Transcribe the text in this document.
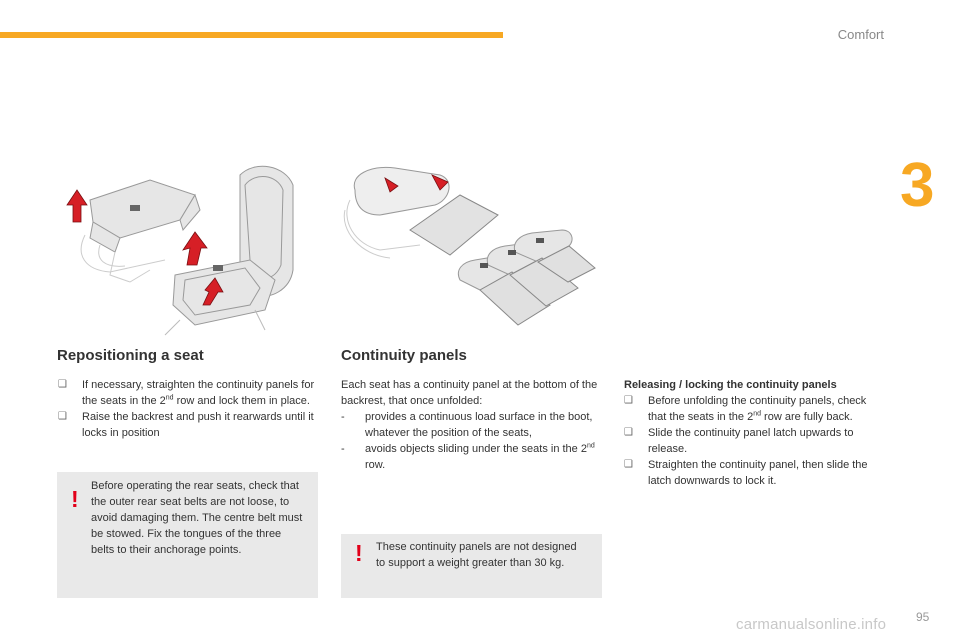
Comfort
3
Repositioning a seat

❑	If necessary, straighten the continuity panels for the seats in the 2nd row and lock them in place.

❑	Raise the backrest and push it rearwards until it locks in position

! Before operating the rear seats, check that the outer rear seat belts are not loose, to avoid damaging them. The centre belt must be stowed. Fix the tongues of the three belts to their anchorage points.
Continuity panels

Each seat has a continuity panel at the bottom of the backrest, that once unfolded:

-	provides a continuous load surface in the boot, whatever the position of the seats,

-	avoids objects sliding under the seats in the 2nd row.

! These continuity panels are not designed to support a weight greater than 30 kg.

Releasing / locking the continuity panels

❑	Before unfolding the continuity panels, check that the seats in the 2nd row are fully back.

❑	Slide the continuity panel latch upwards to release.

❑	Straighten the continuity panel, then slide the latch downwards to lock it.

95
carmanualsonline.info
